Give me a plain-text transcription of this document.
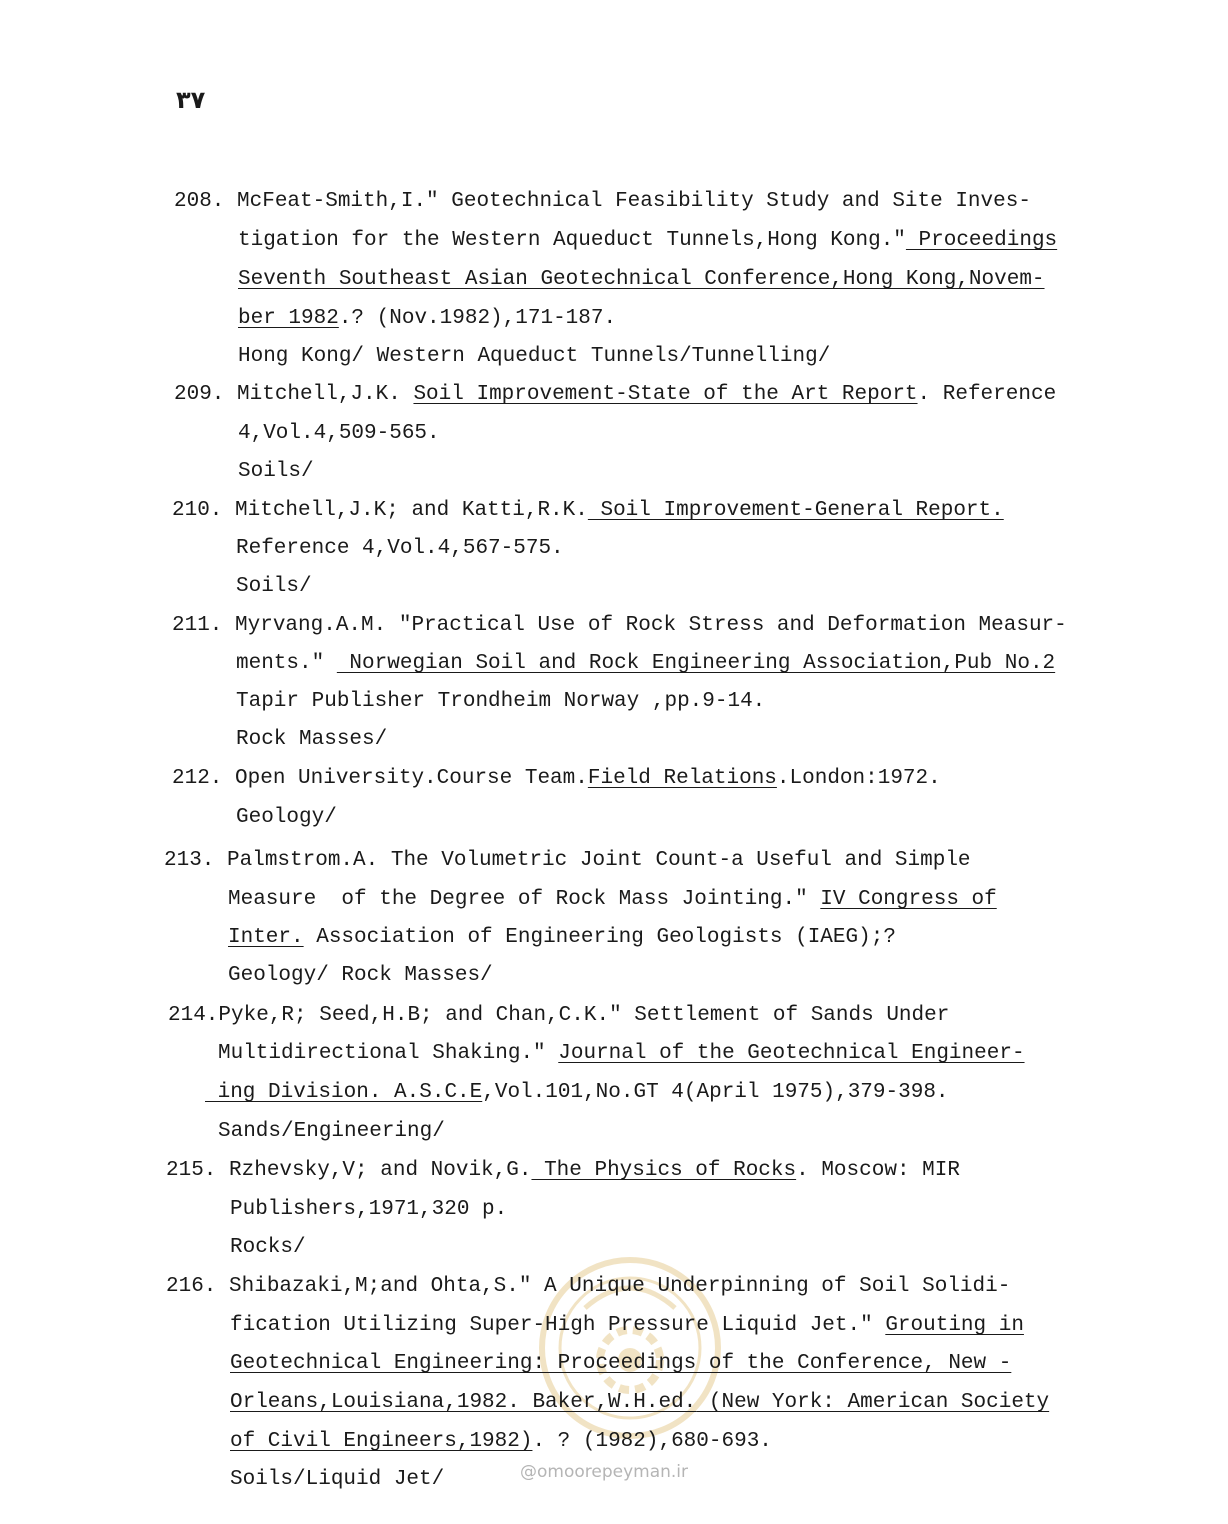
۳۷
208. McFeat-Smith,I." Geotechnical Feasibility Study and Site Inves-
tigation for the Western Aqueduct Tunnels,Hong Kong." Proceedings
Seventh Southeast Asian Geotechnical Conference,Hong Kong,Novem-
ber 1982.? (Nov.1982),171-187.
Hong Kong/ Western Aqueduct Tunnels/Tunnelling/
209. Mitchell,J.K. Soil Improvement-State of the Art Report. Reference
4,Vol.4,509-565.
Soils/
210. Mitchell,J.K; and Katti,R.K. Soil Improvement-General Report.
Reference 4,Vol.4,567-575.
Soils/
211. Myrvang.A.M. "Practical Use of Rock Stress and Deformation Measur-
ments."  Norwegian Soil and Rock Engineering Association,Pub No.2
Tapir Publisher Trondheim Norway ,pp.9-14.
Rock Masses/
212. Open University.Course Team.Field Relations.London:1972.
Geology/
213. Palmstrom.A. The Volumetric Joint Count-a Useful and Simple
Measure  of the Degree of Rock Mass Jointing." IV Congress of
Inter. Association of Engineering Geologists (IAEG);?
Geology/ Rock Masses/
214.Pyke,R; Seed,H.B; and Chan,C.K." Settlement of Sands Under
Multidirectional Shaking." Journal of the Geotechnical Engineer-
ing Division. A.S.C.E,Vol.101,No.GT 4(April 1975),379-398.
Sands/Engineering/
215. Rzhevsky,V; and Novik,G. The Physics of Rocks. Moscow: MIR
Publishers,1971,320 p.
Rocks/
216. Shibazaki,M;and Ohta,S." A Unique Underpinning of Soil Solidi-
fication Utilizing Super-High Pressure Liquid Jet." Grouting in
Geotechnical Engineering: Proceedings of the Conference, New -
Orleans,Louisiana,1982. Baker,W.H.ed. (New York: American Society
of Civil Engineers,1982). ? (1982),680-693.
Soils/Liquid Jet/	@omoorepeyman.ir
